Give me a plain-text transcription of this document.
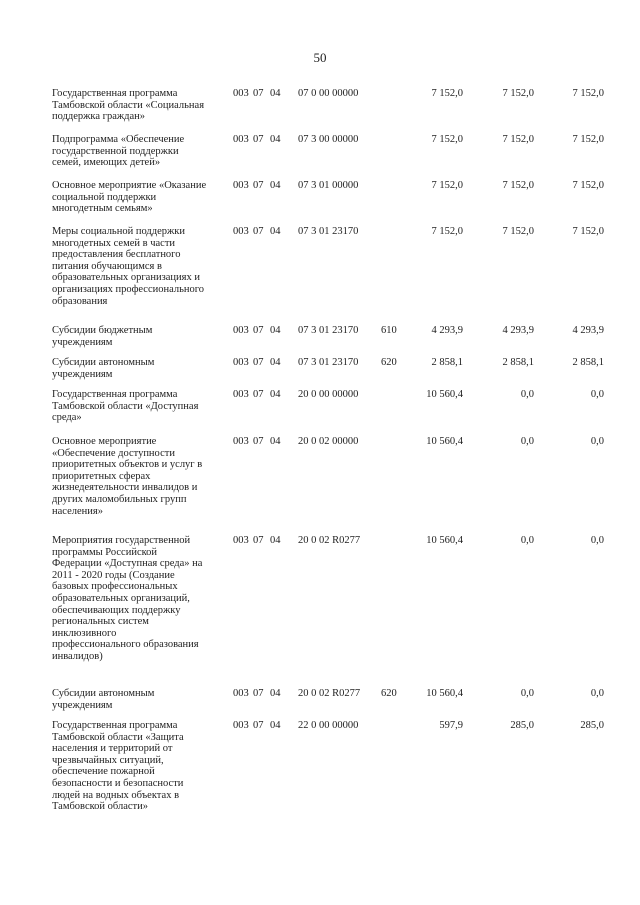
50
Государственная программа
Тамбовской области «Социальная
поддержка граждан»
003 07 04 07 0 00 00000	7 152,0	7 152,0	7 152,0
Подпрограмма «Обеспечение
государственной поддержки
семей, имеющих детей»
003 07 04 07 3 00 00000	7 152,0	7 152,0	7 152,0
Основное мероприятие «Оказание
социальной поддержки
многодетным семьям»
003 07 04 07 3 01 00000	7 152,0	7 152,0	7 152,0
Меры социальной поддержки
многодетных семей в части
предоставления бесплатного
питания обучающимся в
образовательных организациях и
организациях профессионального
образования
003 07 04 07 3 01 23170	7 152,0	7 152,0	7 152,0
Субсидии бюджетным
учреждениям
003 07 04 07 3 01 23170 610	4 293,9	4 293,9	4 293,9
Субсидии автономным
учреждениям
003 07 04 07 3 01 23170 620	2 858,1	2 858,1	2 858,1
Государственная программа
Тамбовской области «Доступная
среда»
003 07 04 20 0 00 00000	10 560,4	0,0	0,0
Основное мероприятие
«Обеспечение доступности
приоритетных объектов и услуг в
приоритетных сферах
жизнедеятельности инвалидов и
других маломобильных групп
населения»
003 07 04 20 0 02 00000	10 560,4	0,0	0,0
Мероприятия государственной
программы Российской
Федерации «Доступная среда» на
2011 - 2020 годы (Создание
базовых профессиональных
образовательных организаций,
обеспечивающих поддержку
региональных систем
инклюзивного
профессионального образования
инвалидов)
003 07 04 20 0 02 R0277	10 560,4	0,0	0,0
Субсидии автономным
учреждениям
003 07 04 20 0 02 R0277 620	10 560,4	0,0	0,0
Государственная программа
Тамбовской области «Защита
населения и территорий от
чрезвычайных ситуаций,
обеспечение пожарной
безопасности и безопасности
людей на водных объектах в
Тамбовской области»
003 07 04 22 0 00 00000	597,9	285,0	285,0
